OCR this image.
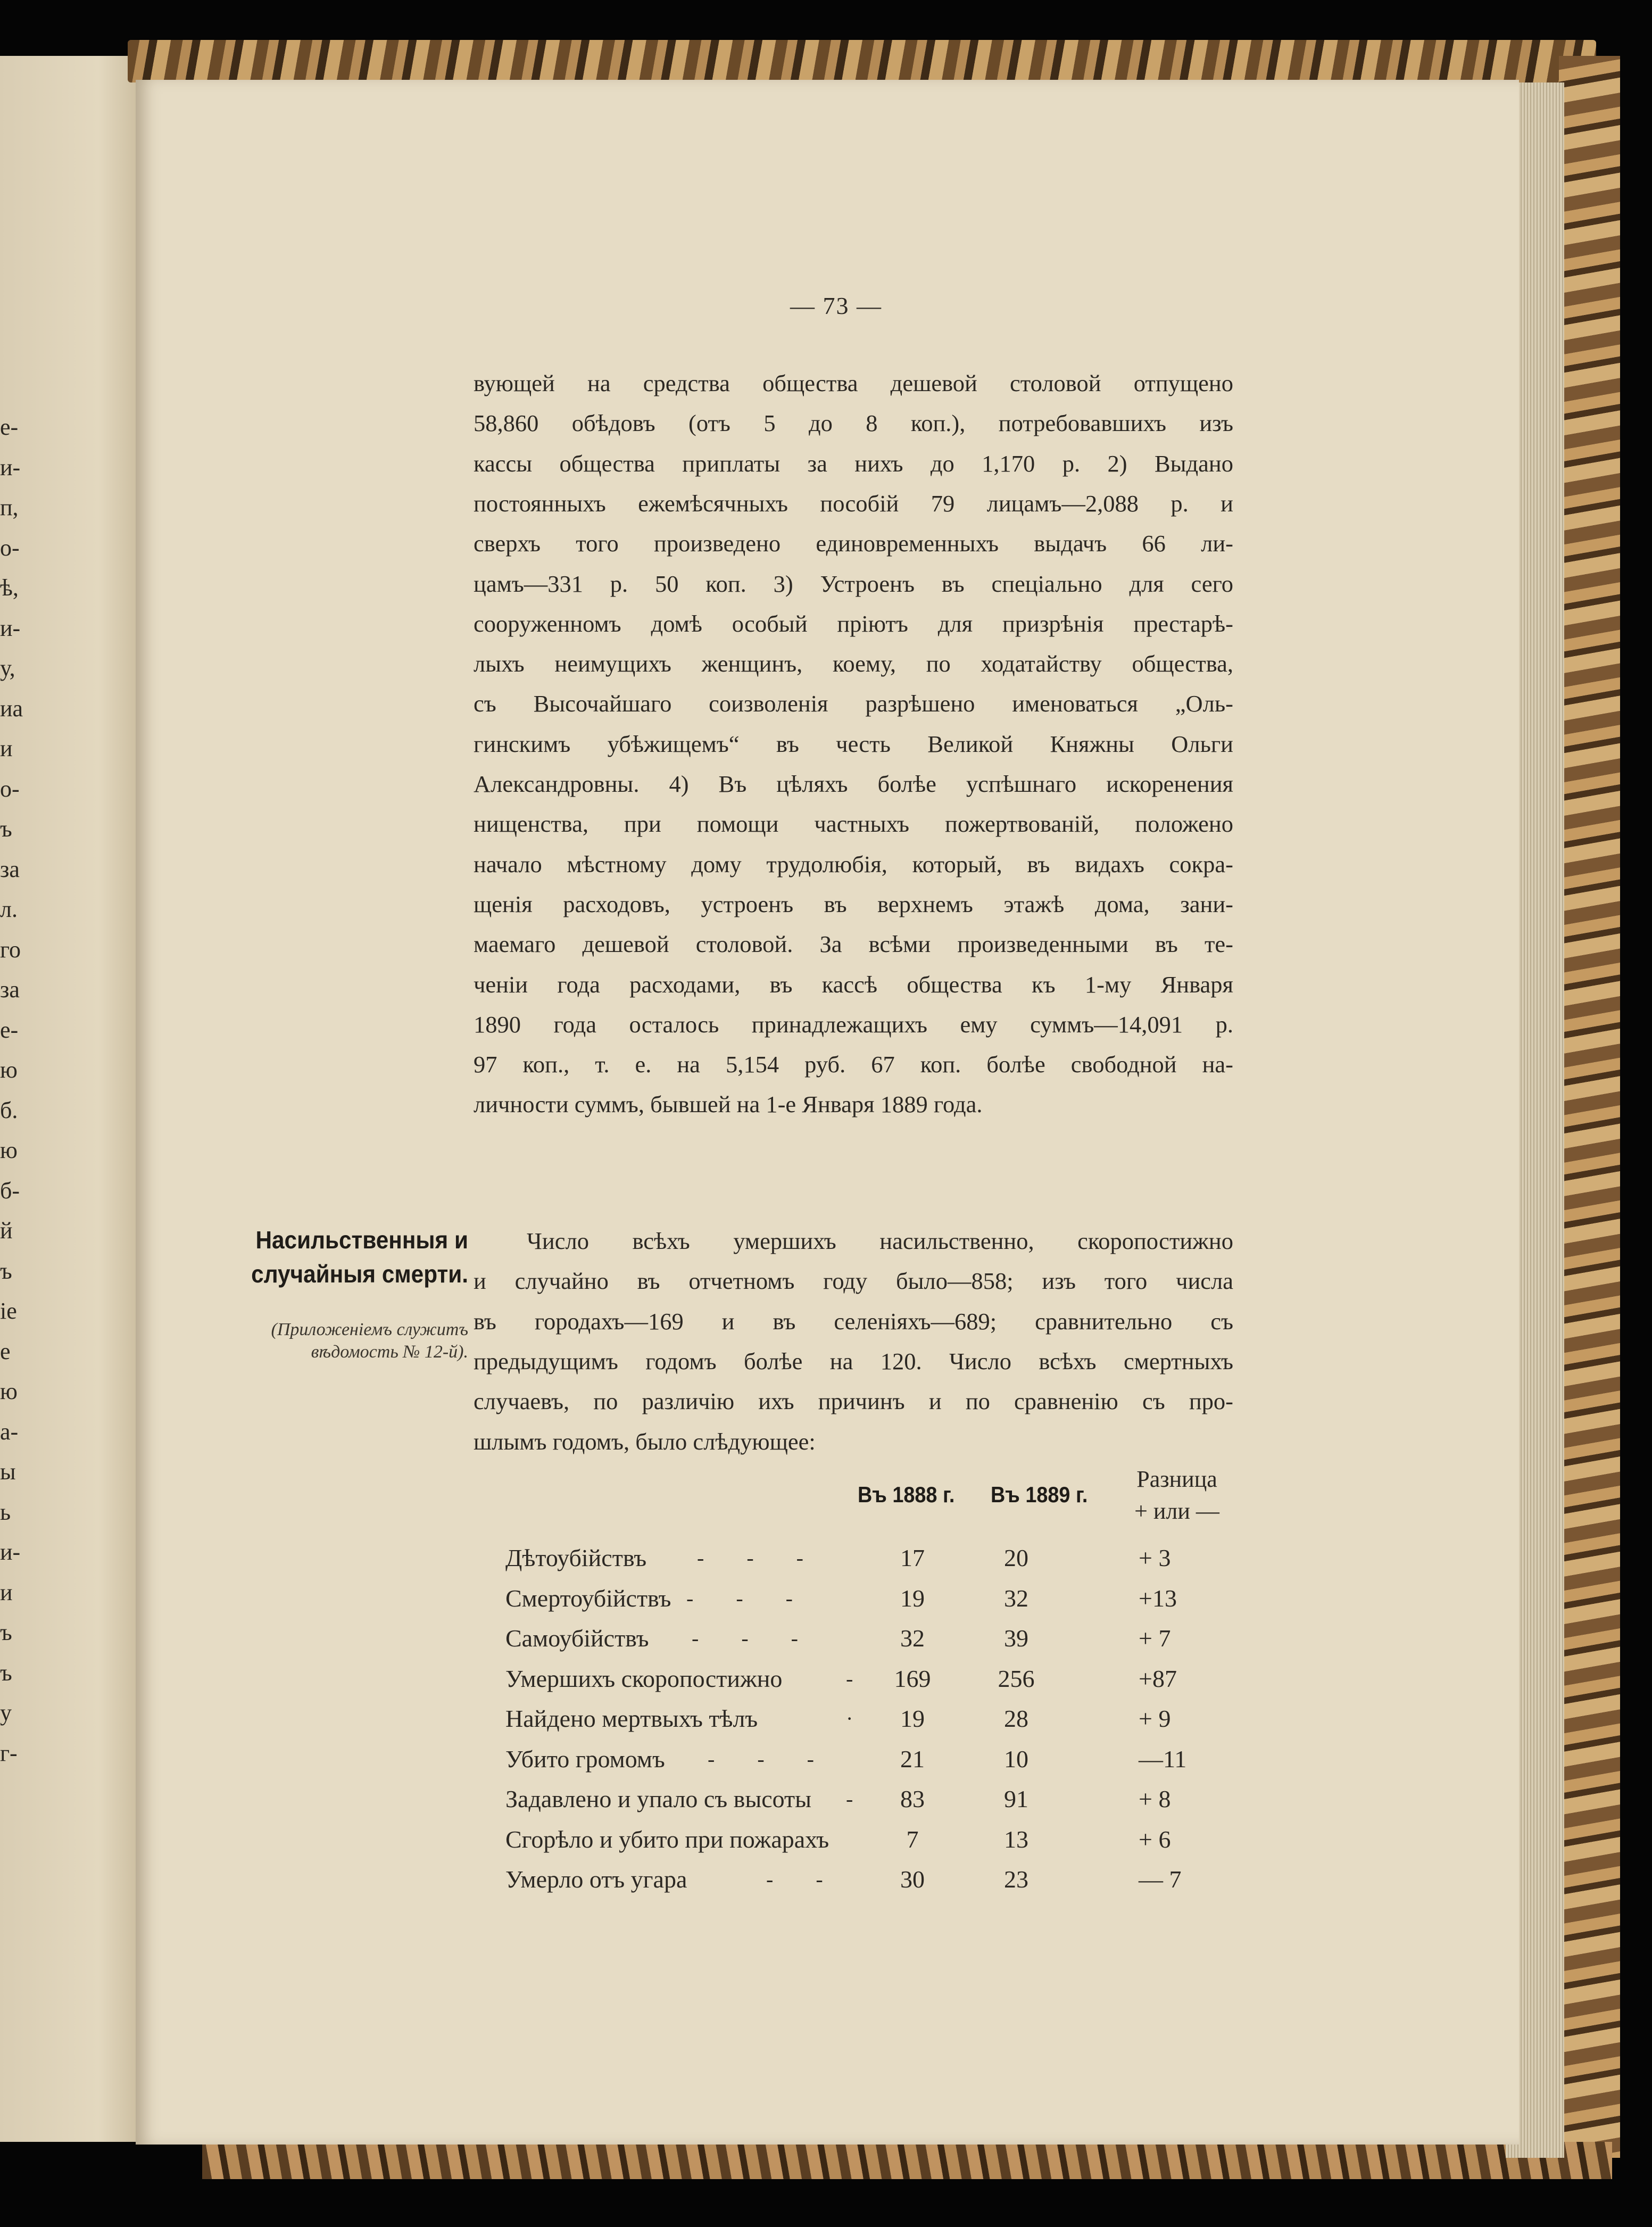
е-
и-
п,
о-
ѣ,
и-
у,
иа
и
о-
ъ
за
л.
го
за
е-
ю
б.
ю
б-
й
ъ
ie
е
ю
а-
ы
ь
и-
и
ъ
ъ
у
г-
— 73 —
вующей на средства общества дешевой столовой отпущено
58,860 обѣдовъ (отъ 5 до 8 коп.), потребовавшихъ изъ
кассы общества приплаты за нихъ до 1,170 р. 2) Выдано
постоянныхъ ежемѣсячныхъ пособій 79 лицамъ—2,088 р. и
сверхъ того произведено единовременныхъ выдачъ 66 ли-
цамъ—331 р. 50 коп. 3) Устроенъ въ спеціально для сего
сооруженномъ домѣ особый пріютъ для призрѣнія престарѣ-
лыхъ неимущихъ женщинъ, коему, по ходатайству общества,
съ Высочайшаго соизволенія разрѣшено именоваться „Оль-
гинскимъ убѣжищемъ“ въ честь Великой Княжны Ольги
Александровны. 4) Въ цѣляхъ болѣе успѣшнаго искоренения
нищенства, при помощи частныхъ пожертвованій, положено
начало мѣстному дому трудолюбія, который, въ видахъ сокра-
щенія расходовъ, устроенъ въ верхнемъ этажѣ дома, зани-
маемаго дешевой столовой. За всѣми произведенными въ те-
ченіи года расходами, въ кассѣ общества къ 1-му Января
1890 года осталось принадлежащихъ ему суммъ—14,091 р.
97 коп., т. е. на 5,154 руб. 67 коп. болѣе свободной на-
личности суммъ, бывшей на 1-е Января 1889 года.
Насильственныя и
случайныя смерти.
(Приложеніемъ служитъ
вѣдомость № 12-й).
Число всѣхъ умершихъ насильственно, скоропостижно
и случайно въ отчетномъ году было—858; изъ того числа
въ городахъ—169 и въ селеніяхъ—689; сравнительно съ
предыдущимъ годомъ болѣе на 120. Число всѣхъ смертныхъ
случаевъ, по различію ихъ причинъ и по сравненію съ про-
шлымъ годомъ, было слѣдующее:
Въ 1888 г. Въ 1889 г.
Разница
+ или —
Дѣтоубійствъ -        -        -	17	20	+ 3
Смертоубійствъ -        -        -	19	32	+13
Самоубійствъ -        -        -	32	39	+ 7
Умершихъ скоропостижно	-	169	256	+87
Найдено мертвыхъ тѣлъ	·	19	28	+ 9
Убито громомъ -        -        -	21	10	—11
Задавлено и упало съ высоты -	83	91	+ 8
Сгорѣло и убито при пожарахъ	7	13	+ 6
Умерло отъ угара	-        -	30	23	— 7
